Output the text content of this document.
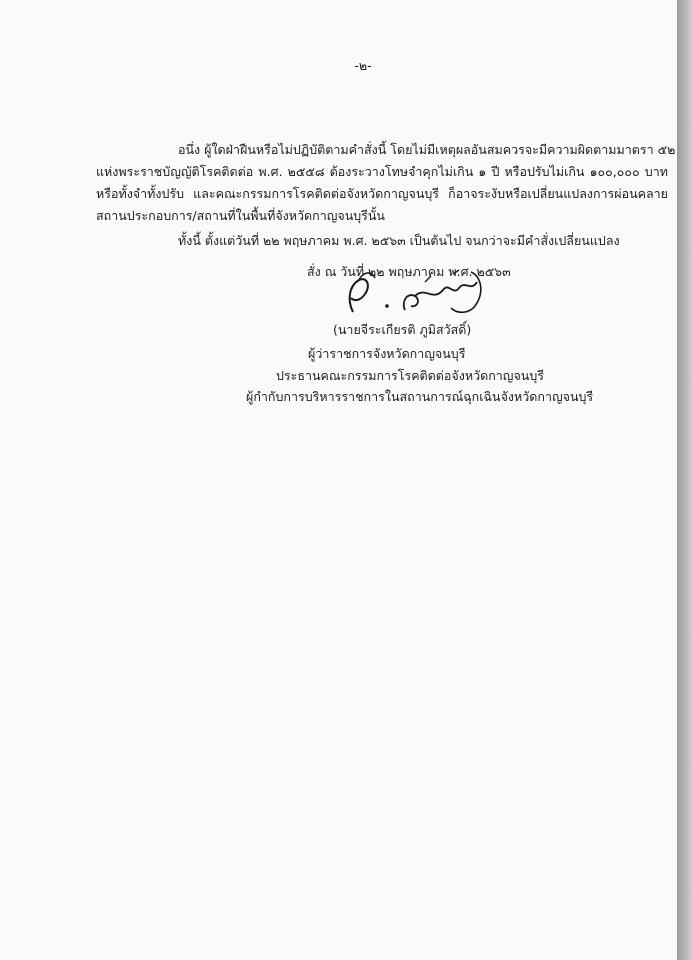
-๒-
อนึ่ง ผู้ใดฝ่าฝืนหรือไม่ปฏิบัติตามคำสั่งนี้ โดยไม่มีเหตุผลอันสมควรจะมีความผิดตามมาตรา ๕๒
แห่งพระราชบัญญัติโรคติดต่อ พ.ศ. ๒๕๕๘ ต้องระวางโทษจำคุกไม่เกิน ๑ ปี หรือปรับไม่เกิน ๑๐๐,๐๐๐ บาท
หรือทั้งจำทั้งปรับ และคณะกรรมการโรคติดต่อจังหวัดกาญจนบุรี ก็อาจระงับหรือเปลี่ยนแปลงการผ่อนคลาย
สถานประกอบการ/สถานที่ในพื้นที่จังหวัดกาญจนบุรีนั้น
ทั้งนี้ ตั้งแต่วันที่ ๒๒ พฤษภาคม พ.ศ. ๒๕๖๓ เป็นต้นไป จนกว่าจะมีคำสั่งเปลี่ยนแปลง
สั่ง ณ วันที่ ๒๒ พฤษภาคม พ.ศ. ๒๕๖๓
(นายจีระเกียรติ ภูมิสวัสดิ์)
ผู้ว่าราชการจังหวัดกาญจนบุรี
ประธานคณะกรรมการโรคติดต่อจังหวัดกาญจนบุรี
ผู้กำกับการบริหารราชการในสถานการณ์ฉุกเฉินจังหวัดกาญจนบุรี
